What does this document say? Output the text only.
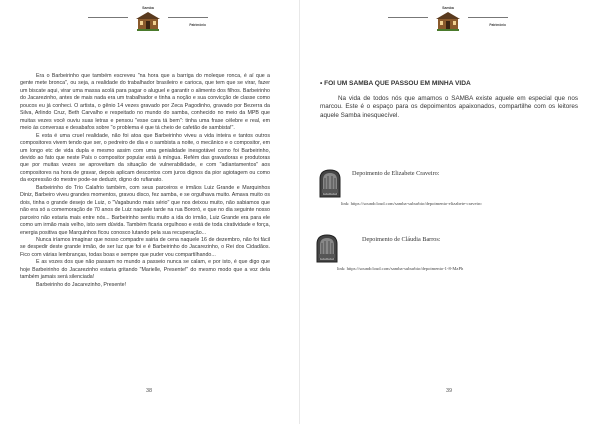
Samba
Patrimônio

Era o Barbeirinho que também escreveu "na hora que a barriga do moleque ronca, é aí que a gente mete bronca", ou seja, a realidade do trabalhador brasileiro e carioca, que tem que se virar, fazer um biscate aqui, virar uma massa acolá para pagar o aluguel e garantir o alimento dos filhos. Barbeirinho do Jacarezinho, antes de mais nada era um trabalhador e tinha a noção e sua convicção de classe como poucos eu já conheci. O artista, o gênio 14 vezes gravado por Zeca Pagodinho, gravado por Bezerra da Silva, Arlindo Cruz, Beth Carvalho e respeitado no mundo do samba, conhecido no meio da MPB que muitas vezes você ouviu suas letras e pensou "esse cara tá bem": tinha uma frase célebre e real, em meio às conversas e desabafos sobre "o problema é que tá cheio de cafetão de sambista!".

E esta é uma cruel realidade, não foi atoa que Barbeirinho viveu a vida inteira e tantos outros compositores vivem tendo que ser, o pedreiro de dia e o sambista a noite, o mecânico e o compositor, em um longo etc de vida dupla e mesmo assim com uma genialidade inesgotável como foi Barbeirinho, devido ao fato que neste País o compositor popular está à míngua. Refém das gravadoras e produtoras que por muitas vezes se aproveitam da situação de vulnerabilidade, e com "adiantamentos" aos compositores na hora de gravar, depois aplicam descontos com juros dignos da pior agiotagem ou como da expressão do mestre pode-se deduzir, digno do rufianato.

Barbeirinho do Trio Calafrio também, com seus parceiros e irmãos Luiz Grande e Marquinhos Diniz, Barbeiro viveu grandes momentos, gravou disco, fez samba, e se orgulhava muito. Amava muito os dois, tinha o grande desejo de Luiz, o "Vagabundo mais sério" que nos deixou muito, não sabiamos que não era só a comemoração de 70 anos de Luiz naquele tarde na rua Bororó, e que no dia seguinte nosso parceiro não estaria mais entre nós... Barbeirinho sentiu muito a ida do irmão, Luiz Grande era para ele como um irmão mais velho, isto sem dúvida. Também ficaria orgulhoso e está de toda ciratividade e força, energia positiva que Marquinhos ficou conosco lutando pela sua recuperação...

Nunca iríamos imaginar que nosso compadre sairia de cena naquele 16 de dezembro, não foi fácil se despedir deste grande irmão, de ser luz que foi e é Barbeirinho do Jacarezinho, o Rei dos Cidadãos. Fico com várias lembranças, todas boas e sempre que puder vou compartilhando...

E as vozes dos que não passam no mundo a passeio nunca se calam, e por isto, é que digo que hoje Barbeirinho do Jacarezinho estaria gritando "Marielle, Presente!" do mesmo modo que a voz dela também jamais será silenciada!

Barbeirinho do Jacarezinho, Presente!

38
Samba
Patrimônio
• FOI UM SAMBA QUE PASSOU EM MINHA VIDA

Na vida de todos nós que amamos o SAMBA existe aquele em especial que nos marcou. Este é o espaço para os depoimentos apaixonados, compartilhe com os leitores aquele Samba inesquecível.

Depoimento de Elizabete Craveiro:
link: https://soundcloud.com/samba-suburbio/depoimento-elizabete-craveiro
Depoimento de Cláudia Barros:
link: https://soundcloud.com/samba-suburbio/depoimento-1-8-MaPh
39
